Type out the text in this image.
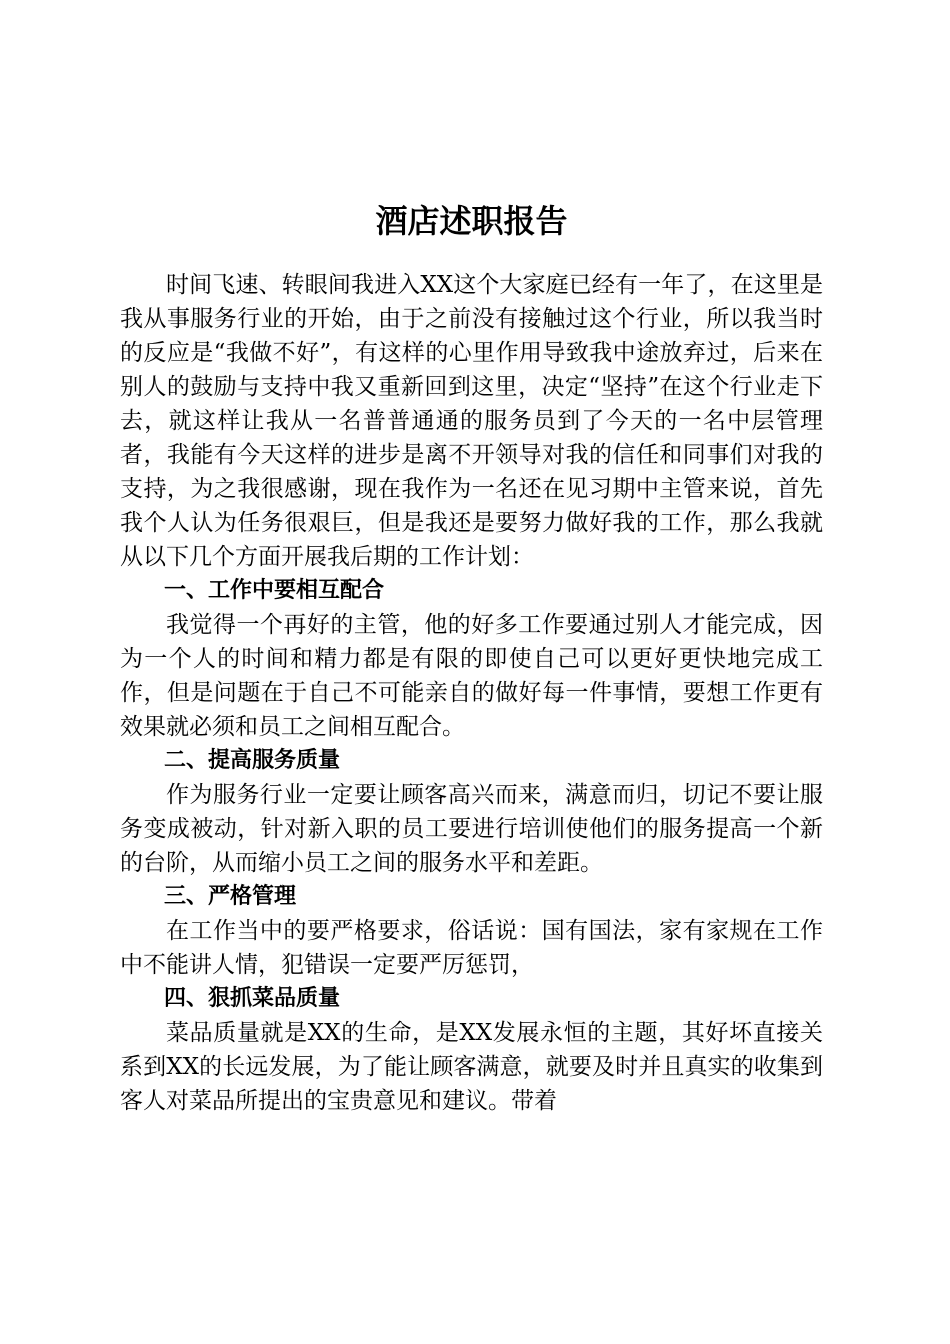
酒店述职报告

时间飞速、转眼间我进入XX这个大家庭已经有一年了，在这里是我从事服务行业的开始，由于之前没有接触过这个行业，所以我当时的反应是“我做不好”，有这样的心里作用导致我中途放弃过，后来在别人的鼓励与支持中我又重新回到这里，决定“坚持”在这个行业走下去，就这样让我从一名普普通通的服务员到了今天的一名中层管理者，我能有今天这样的进步是离不开领导对我的信任和同事们对我的支持，为之我很感谢，现在我作为一名还在见习期中主管来说，首先我个人认为任务很艰巨，但是我还是要努力做好我的工作，那么我就从以下几个方面开展我后期的工作计划：

一、工作中要相互配合

我觉得一个再好的主管，他的好多工作要通过别人才能完成，因为一个人的时间和精力都是有限的即使自己可以更好更快地完成工作，但是问题在于自己不可能亲自的做好每一件事情，要想工作更有效果就必须和员工之间相互配合。

二、提高服务质量

作为服务行业一定要让顾客高兴而来，满意而归，切记不要让服务变成被动，针对新入职的员工要进行培训使他们的服务提高一个新的台阶，从而缩小员工之间的服务水平和差距。

三、严格管理

在工作当中的要严格要求，俗话说：国有国法，家有家规在工作中不能讲人情，犯错误一定要严厉惩罚，

四、狠抓菜品质量

菜品质量就是XX的生命，是XX发展永恒的主题，其好坏直接关系到XX的长远发展，为了能让顾客满意，就要及时并且真实的收集到客人对菜品所提出的宝贵意见和建议。带着
